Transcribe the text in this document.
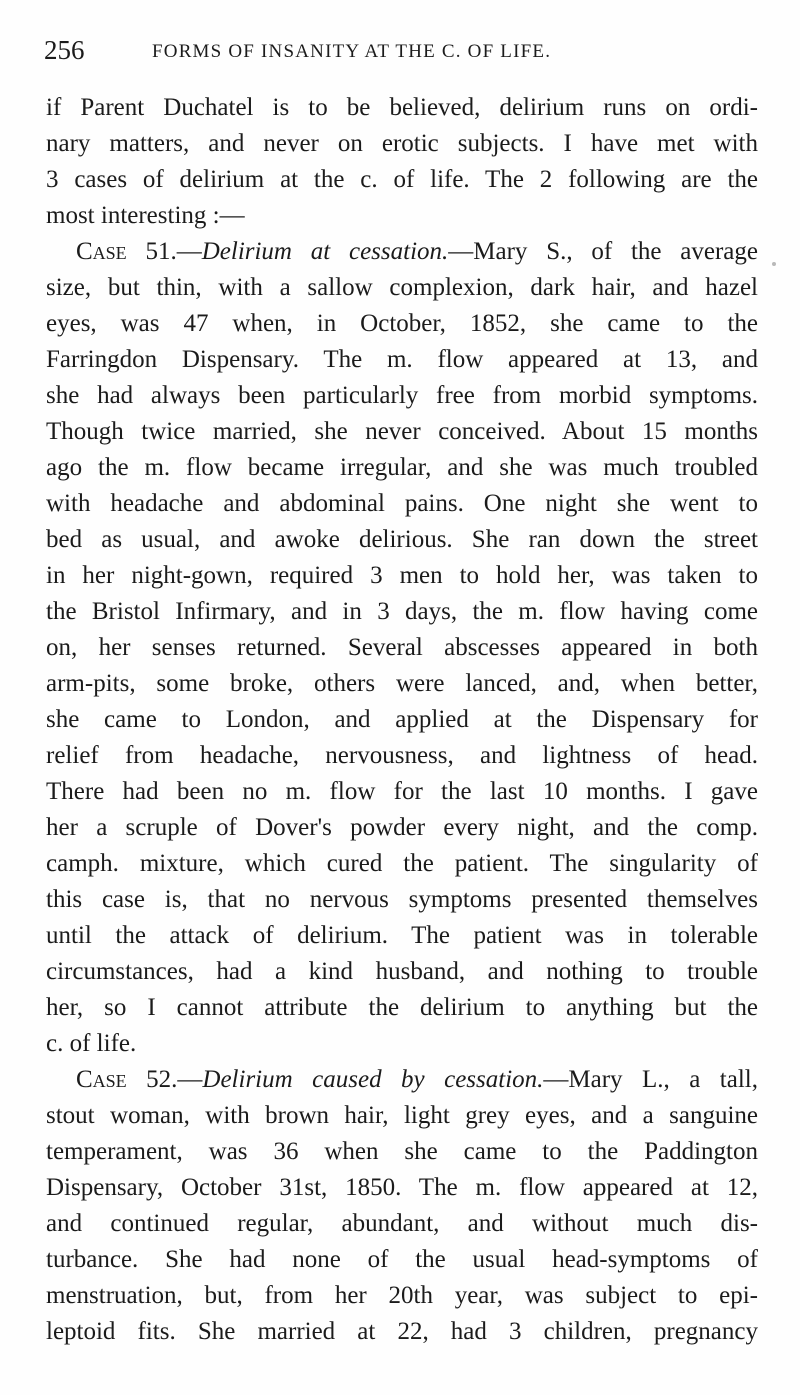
256	FORMS OF INSANITY AT THE C. OF LIFE.
if Parent Duchatel is to be believed, delirium runs on ordi-
nary matters, and never on erotic subjects. I have met with
3 cases of delirium at the c. of life. The 2 following are the
most interesting :—
Case 51.—Delirium at cessation.—Mary S., of the average
size, but thin, with a sallow complexion, dark hair, and hazel
eyes, was 47 when, in October, 1852, she came to the
Farringdon Dispensary. The m. flow appeared at 13, and
she had always been particularly free from morbid symptoms.
Though twice married, she never conceived. About 15 months
ago the m. flow became irregular, and she was much troubled
with headache and abdominal pains. One night she went to
bed as usual, and awoke delirious. She ran down the street
in her night-gown, required 3 men to hold her, was taken to
the Bristol Infirmary, and in 3 days, the m. flow having come
on, her senses returned. Several abscesses appeared in both
arm-pits, some broke, others were lanced, and, when better,
she came to London, and applied at the Dispensary for
relief from headache, nervousness, and lightness of head.
There had been no m. flow for the last 10 months. I gave
her a scruple of Dover's powder every night, and the comp.
camph. mixture, which cured the patient. The singularity of
this case is, that no nervous symptoms presented themselves
until the attack of delirium. The patient was in tolerable
circumstances, had a kind husband, and nothing to trouble
her, so I cannot attribute the delirium to anything but the
c. of life.
Case 52.—Delirium caused by cessation.—Mary L., a tall,
stout woman, with brown hair, light grey eyes, and a sanguine
temperament, was 36 when she came to the Paddington
Dispensary, October 31st, 1850. The m. flow appeared at 12,
and continued regular, abundant, and without much dis-
turbance. She had none of the usual head-symptoms of
menstruation, but, from her 20th year, was subject to epi-
leptoid fits. She married at 22, had 3 children, pregnancy
